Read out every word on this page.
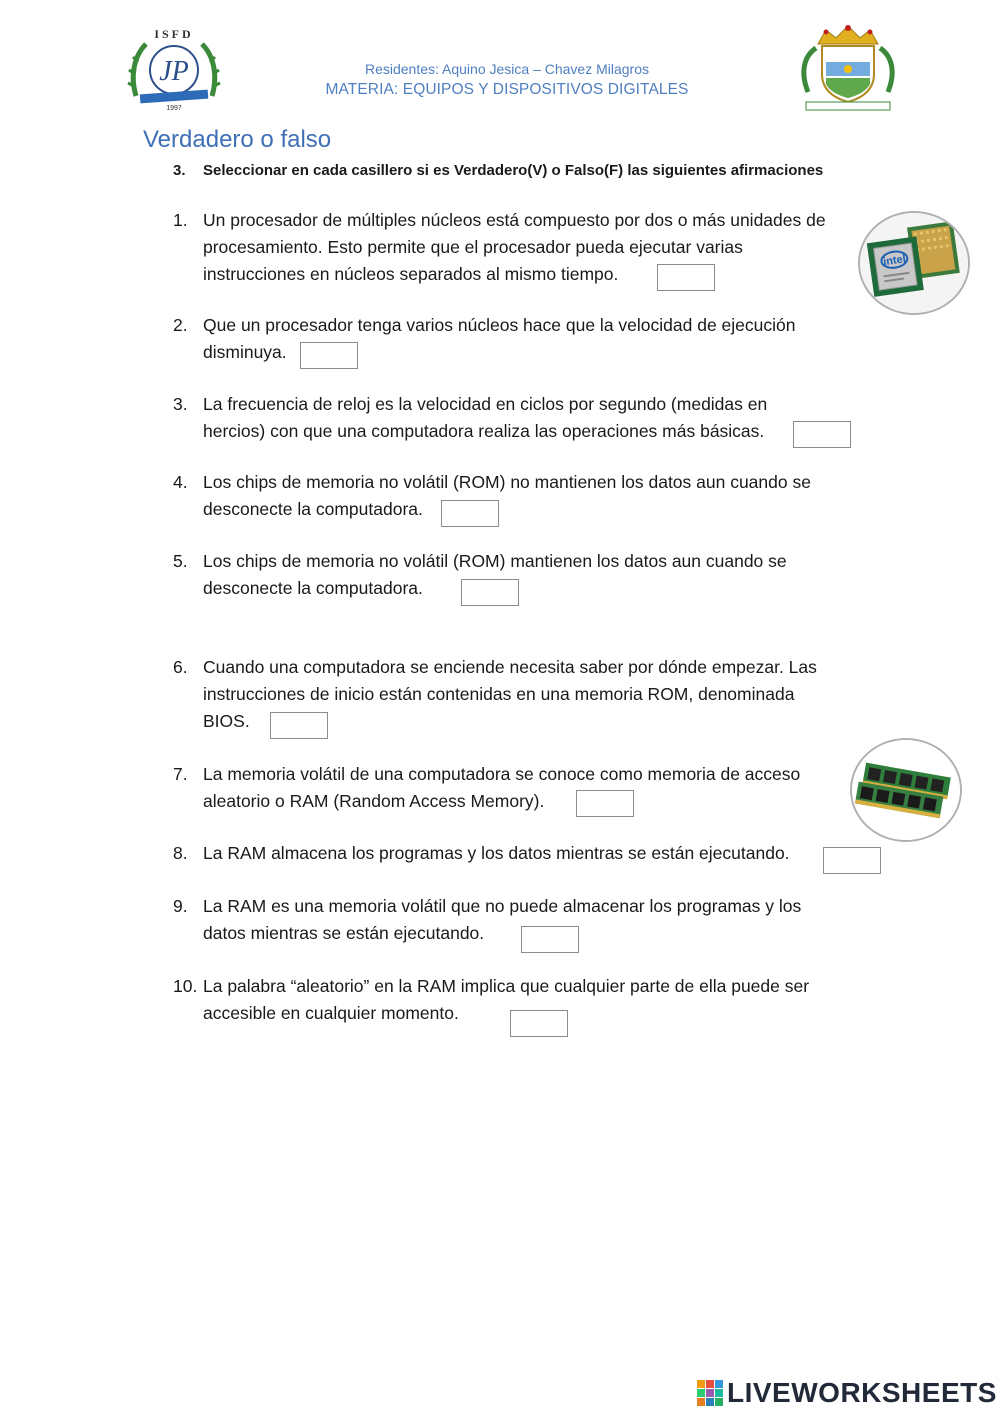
ISFD
JP
1997
Residentes: Aquino Jesica – Chavez Milagros
MATERIA: EQUIPOS Y DISPOSITIVOS DIGITALES
Verdadero o falso
3. Seleccionar en cada casillero si es Verdadero(V) o Falso(F) las siguientes afirmaciones
1. Un procesador de múltiples núcleos está compuesto por dos o más unidades de
procesamiento. Esto permite que el procesador pueda ejecutar varias
instrucciones en núcleos separados al mismo tiempo.
2. Que un procesador tenga varios núcleos hace que la velocidad de ejecución
disminuya.
3. La frecuencia de reloj es la velocidad en ciclos por segundo (medidas en
hercios) con que una computadora realiza las operaciones más básicas.
4. Los chips de memoria no volátil (ROM) no mantienen los datos aun cuando se
desconecte la computadora.
5. Los chips de memoria no volátil (ROM) mantienen los datos aun cuando se
desconecte la computadora.
6. Cuando una computadora se enciende necesita saber por dónde empezar. Las
instrucciones de inicio están contenidas en una memoria ROM, denominada
BIOS.
7. La memoria volátil de una computadora se conoce como memoria de acceso
aleatorio o RAM (Random Access Memory).
8. La RAM almacena los programas y los datos mientras se están ejecutando.
9. La RAM es una memoria volátil que no puede almacenar los programas y los
datos mientras se están ejecutando.
10. La palabra “aleatorio” en la RAM implica que cualquier parte de ella puede ser
accesible en cualquier momento.
intel
LIVEWORKSHEETS
